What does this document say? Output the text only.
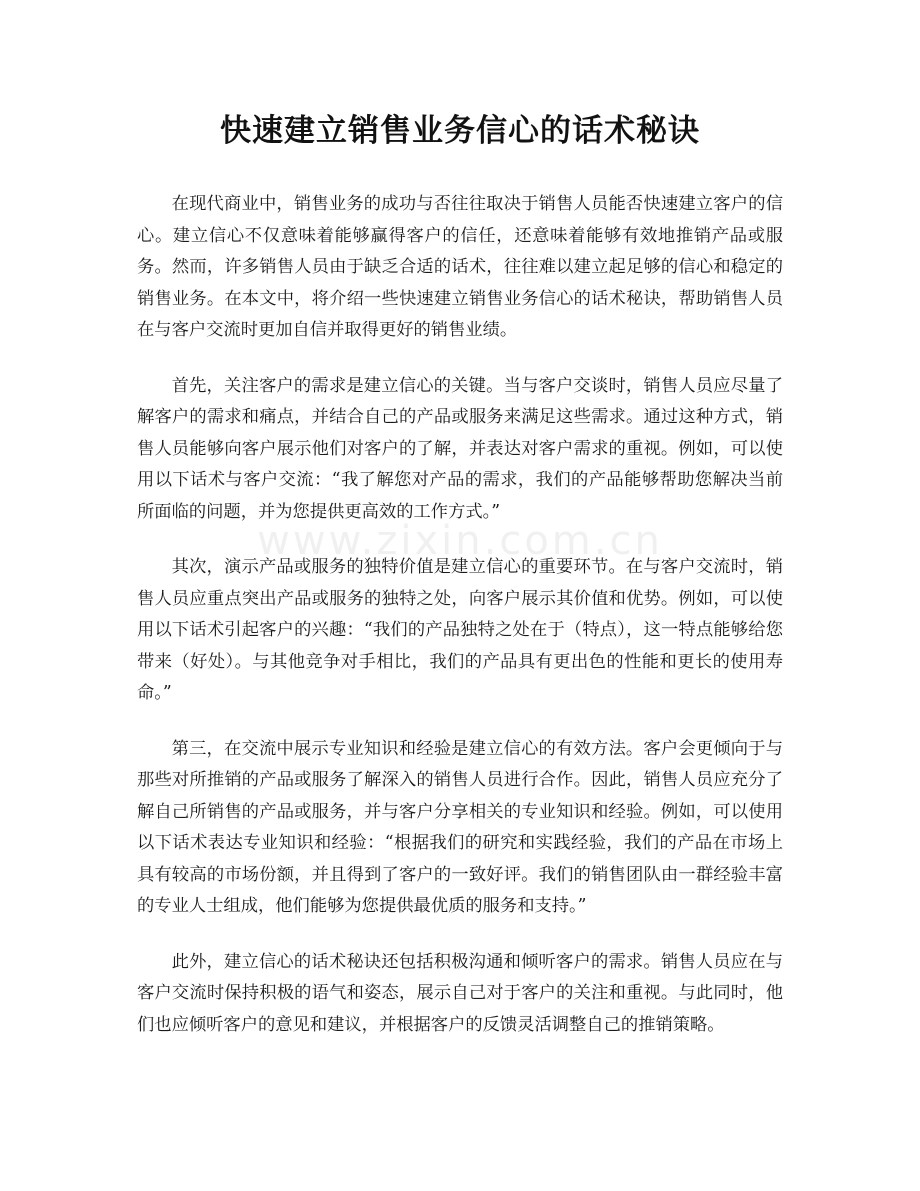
快速建立销售业务信心的话术秘诀

在现代商业中，销售业务的成功与否往往取决于销售人员能否快速建立客户的信心。建立信心不仅意味着能够赢得客户的信任，还意味着能够有效地推销产品或服务。然而，许多销售人员由于缺乏合适的话术，往往难以建立起足够的信心和稳定的销售业务。在本文中，将介绍一些快速建立销售业务信心的话术秘诀，帮助销售人员在与客户交流时更加自信并取得更好的销售业绩。

首先，关注客户的需求是建立信心的关键。当与客户交谈时，销售人员应尽量了解客户的需求和痛点，并结合自己的产品或服务来满足这些需求。通过这种方式，销售人员能够向客户展示他们对客户的了解，并表达对客户需求的重视。例如，可以使用以下话术与客户交流：“我了解您对产品的需求，我们的产品能够帮助您解决当前所面临的问题，并为您提供更高效的工作方式。”

其次，演示产品或服务的独特价值是建立信心的重要环节。在与客户交流时，销售人员应重点突出产品或服务的独特之处，向客户展示其价值和优势。例如，可以使用以下话术引起客户的兴趣：“我们的产品独特之处在于（特点），这一特点能够给您带来（好处）。与其他竞争对手相比，我们的产品具有更出色的性能和更长的使用寿命。”

第三，在交流中展示专业知识和经验是建立信心的有效方法。客户会更倾向于与那些对所推销的产品或服务了解深入的销售人员进行合作。因此，销售人员应充分了解自己所销售的产品或服务，并与客户分享相关的专业知识和经验。例如，可以使用以下话术表达专业知识和经验：“根据我们的研究和实践经验，我们的产品在市场上具有较高的市场份额，并且得到了客户的一致好评。我们的销售团队由一群经验丰富的专业人士组成，他们能够为您提供最优质的服务和支持。”

此外，建立信心的话术秘诀还包括积极沟通和倾听客户的需求。销售人员应在与客户交流时保持积极的语气和姿态，展示自己对于客户的关注和重视。与此同时，他们也应倾听客户的意见和建议，并根据客户的反馈灵活调整自己的推销策略。

www.zixin.com.cn
